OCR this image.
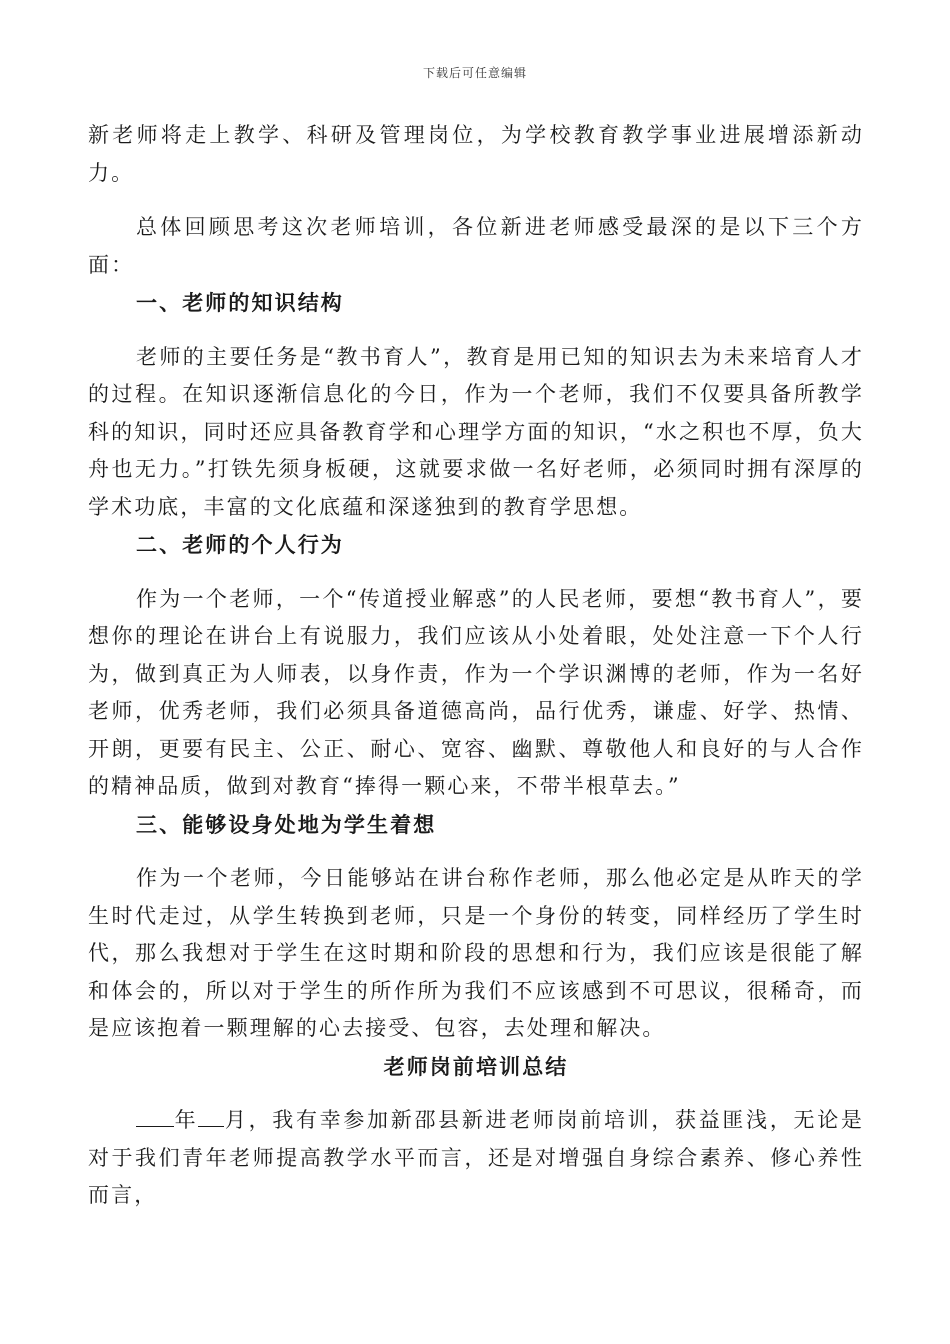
下载后可任意编辑

新老师将走上教学、科研及管理岗位，为学校教育教学事业进展增添新动力。

总体回顾思考这次老师培训，各位新进老师感受最深的是以下三个方面：

一、老师的知识结构

老师的主要任务是“教书育人”，教育是用已知的知识去为未来培育人才的过程。在知识逐渐信息化的今日，作为一个老师，我们不仅要具备所教学科的知识，同时还应具备教育学和心理学方面的知识，“水之积也不厚，负大舟也无力。”打铁先须身板硬，这就要求做一名好老师，必须同时拥有深厚的学术功底，丰富的文化底蕴和深遂独到的教育学思想。

二、老师的个人行为

作为一个老师，一个“传道授业解惑”的人民老师，要想“教书育人”，要想你的理论在讲台上有说服力，我们应该从小处着眼，处处注意一下个人行为，做到真正为人师表，以身作责，作为一个学识渊博的老师，作为一名好老师，优秀老师，我们必须具备道德高尚，品行优秀，谦虚、好学、热情、开朗，更要有民主、公正、耐心、宽容、幽默、尊敬他人和良好的与人合作的精神品质，做到对教育“捧得一颗心来，不带半根草去。”

三、能够设身处地为学生着想

作为一个老师，今日能够站在讲台称作老师，那么他必定是从昨天的学生时代走过，从学生转换到老师，只是一个身份的转变，同样经历了学生时代，那么我想对于学生在这时期和阶段的思想和行为，我们应该是很能了解和体会的，所以对于学生的所作所为我们不应该感到不可思议，很稀奇，而是应该抱着一颗理解的心去接受、包容，去处理和解决。

老师岗前培训总结

年 月，我有幸参加新邵县新进老师岗前培训，获益匪浅，无论是对于我们青年老师提高教学水平而言，还是对增强自身综合素养、修心养性而言，
